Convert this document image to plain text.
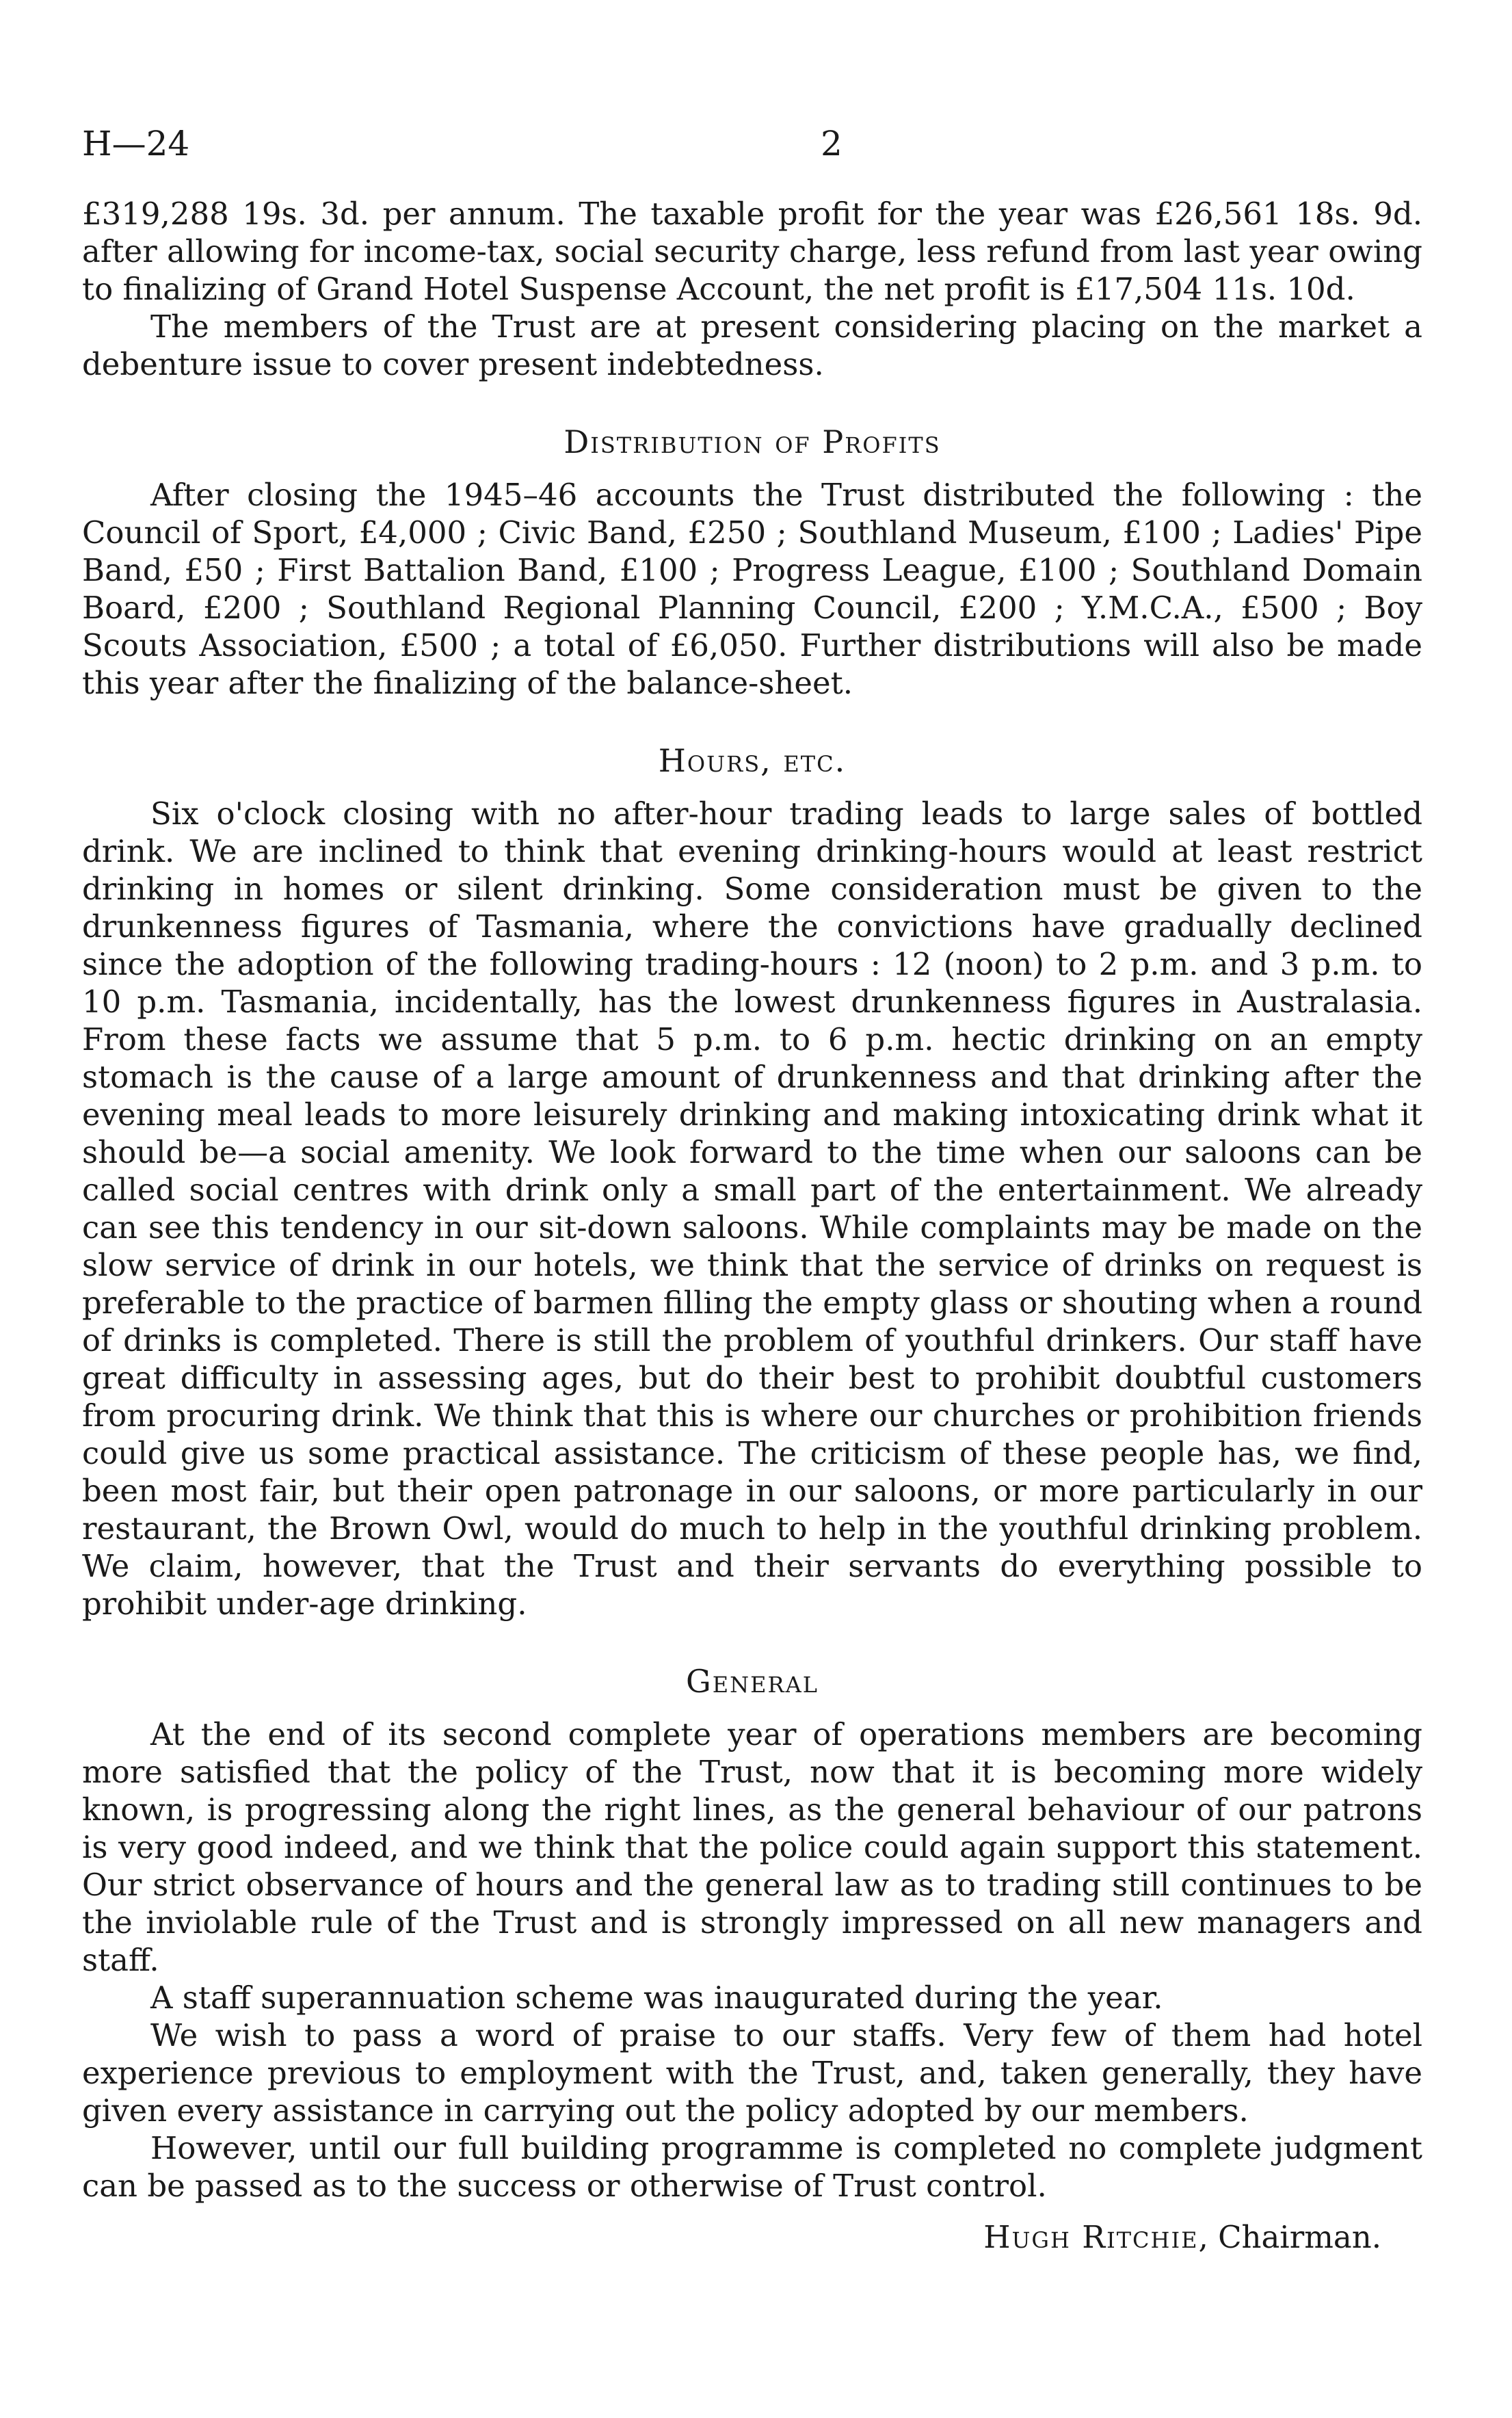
H—24	2

£319,288 19s. 3d. per annum. The taxable profit for the year was £26,561 18s. 9d. after allowing for income-tax, social security charge, less refund from last year owing to finalizing of Grand Hotel Suspense Account, the net profit is £17,504 11s. 10d.

The members of the Trust are at present considering placing on the market a debenture issue to cover present indebtedness.

Distribution of Profits

After closing the 1945–46 accounts the Trust distributed the following : the Council of Sport, £4,000 ; Civic Band, £250 ; Southland Museum, £100 ; Ladies' Pipe Band, £50 ; First Battalion Band, £100 ; Progress League, £100 ; Southland Domain Board, £200 ; Southland Regional Planning Council, £200 ; Y.M.C.A., £500 ; Boy Scouts Association, £500 ; a total of £6,050. Further distributions will also be made this year after the finalizing of the balance-sheet.

Hours, etc.

Six o'clock closing with no after-hour trading leads to large sales of bottled drink. We are inclined to think that evening drinking-hours would at least restrict drinking in homes or silent drinking. Some consideration must be given to the drunkenness figures of Tasmania, where the convictions have gradually declined since the adoption of the following trading-hours : 12 (noon) to 2 p.m. and 3 p.m. to 10 p.m. Tasmania, incidentally, has the lowest drunkenness figures in Australasia. From these facts we assume that 5 p.m. to 6 p.m. hectic drinking on an empty stomach is the cause of a large amount of drunkenness and that drinking after the evening meal leads to more leisurely drinking and making intoxicating drink what it should be—a social amenity. We look forward to the time when our saloons can be called social centres with drink only a small part of the entertainment. We already can see this tendency in our sit-down saloons. While complaints may be made on the slow service of drink in our hotels, we think that the service of drinks on request is preferable to the practice of barmen filling the empty glass or shouting when a round of drinks is completed. There is still the problem of youthful drinkers. Our staff have great difficulty in assessing ages, but do their best to prohibit doubtful customers from procuring drink. We think that this is where our churches or prohibition friends could give us some practical assistance. The criticism of these people has, we find, been most fair, but their open patronage in our saloons, or more particularly in our restaurant, the Brown Owl, would do much to help in the youthful drinking problem. We claim, however, that the Trust and their servants do everything possible to prohibit under-age drinking.

General

At the end of its second complete year of operations members are becoming more satisfied that the policy of the Trust, now that it is becoming more widely known, is progressing along the right lines, as the general behaviour of our patrons is very good indeed, and we think that the police could again support this statement. Our strict observance of hours and the general law as to trading still continues to be the inviolable rule of the Trust and is strongly impressed on all new managers and staff.

A staff superannuation scheme was inaugurated during the year.

We wish to pass a word of praise to our staffs. Very few of them had hotel experience previous to employment with the Trust, and, taken generally, they have given every assistance in carrying out the policy adopted by our members.

However, until our full building programme is completed no complete judgment can be passed as to the success or otherwise of Trust control.

Hugh Ritchie, Chairman.
